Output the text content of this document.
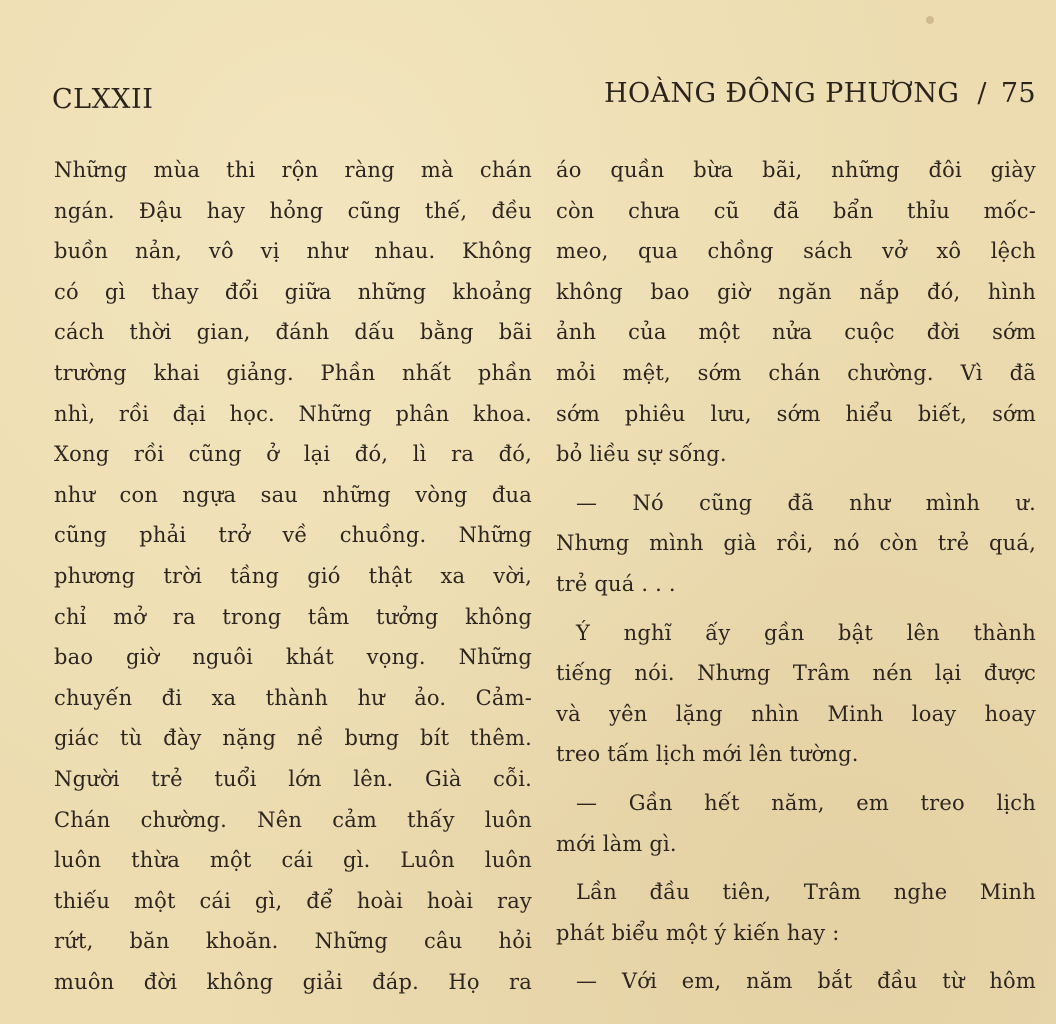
CLXXII	HOÀNG ĐÔNG PHƯƠNG / 75
Những mùa thi rộn ràng mà chán
ngán. Đậu hay hỏng cũng thế, đều
buồn nản, vô vị như nhau. Không
có gì thay đổi giữa những khoảng
cách thời gian, đánh dấu bằng bãi
trường khai giảng. Phần nhất phần
nhì, rồi đại học. Những phân khoa.
Xong rồi cũng ở lại đó, lì ra đó,
như con ngựa sau những vòng đua
cũng phải trở về chuồng. Những
phương trời tầng gió thật xa vời,
chỉ mở ra trong tâm tưởng không
bao giờ nguôi khát vọng. Những
chuyến đi xa thành hư ảo. Cảm-
giác tù đày nặng nề bưng bít thêm.
Người trẻ tuổi lớn lên. Già cỗi.
Chán chường. Nên cảm thấy luôn
luôn thừa một cái gì. Luôn luôn
thiếu một cái gì, để hoài hoài ray
rứt, băn khoăn. Những câu hỏi
muôn đời không giải đáp. Họ ra
áo quần bừa bãi, những đôi giày
còn chưa cũ đã bẩn thỉu mốc-
meo, qua chồng sách vở xô lệch
không bao giờ ngăn nắp đó, hình
ảnh của một nửa cuộc đời sớm
mỏi mệt, sớm chán chường. Vì đã
sớm phiêu lưu, sớm hiểu biết, sớm
bỏ liều sự sống.
— Nó cũng đã như mình ư.
Nhưng mình già rồi, nó còn trẻ quá,
trẻ quá . . .
Ý nghĩ ấy gần bật lên thành
tiếng nói. Nhưng Trâm nén lại được
và yên lặng nhìn Minh loay hoay
treo tấm lịch mới lên tường.
— Gần hết năm, em treo lịch
mới làm gì.
Lần đầu tiên, Trâm nghe Minh
phát biểu một ý kiến hay :
— Với em, năm bắt đầu từ hôm
